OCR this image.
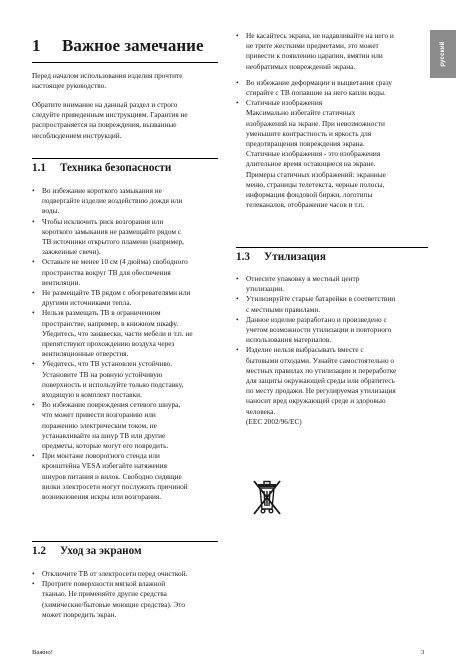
русский
1 Важное замечание

Перед началом использования изделия прочтите
настоящее руководство.

Обратите внимание на данный раздел и строго
следуйте приведенным инструкциям. Гарантия не
распространяется на повреждения, вызванные
несоблюдением инструкций.

1.1 Техника безопасности
• Во избежание короткого замыкания не
подвергайте изделие воздействию дождя или
воды.
• Чтобы исключить риск возгорания или
короткого замыкания не размещайте рядом с
ТВ источники открытого пламени (например,
зажженные свечи).
• Оставьте не менее 10 см (4 дюйма) свободного
пространства вокруг ТВ для обеспечения
вентиляции.
• Не размещайте ТВ рядом с обогревателями или
другими источниками тепла.
• Нельзя размещать ТВ в ограниченном
пространстве, например, в книжном шкафу.
Убедитесь, что занавески, части мебели и т.п. не
препятствуют прохождению воздуха через
вентиляционные отверстия.
• Убедитесь, что ТВ установлен устойчиво.
Установите ТВ на ровную устойчивую
поверхность и используйте только подставку,
входящую в комплект поставки.
• Во избежание повреждения сетевого шнура,
что может привести возгоранию или
поражению электрическим током, не
устанавливайте на шнур ТВ или другие
предметы, которые могут его повредить.
• При монтаже поворотного стенда или
кронштейна VESA избегайте натяжения
шнуров питания и вилок. Свободно сидящие
вилки электросети могут послужить причиной
возникновения искры или возгорания.
1.2 Уход за экраном
• Отключите ТВ от электросети перед очисткой.
• Протрите поверхности мягкой влажной
тканью. Не применяйте другие средства
(химические/бытовые моющие средства). Это
может повредить экран.
• Не касайтесь экрана, не надавливайте на него и
не трите жесткими предметами, это может
привести к появлению царапин, вмятин или
необратимых повреждений экрана.
• Во избежание деформации и выцветания сразу
стирайте с ТВ попавшие на него капли воды.
• Статичные изображения
Максимально избегайте статичных
изображений на экране. При невозможности
уменьшите контрастность и яркость для
предотвращения повреждения экрана.
Статичные изображения - это изображения
длительное время остающиеся на экране.
Примеры статичных изображений: экранные
меню, страницы телетекста, черные полосы,
информация фондовой биржи, логотипы
телеканалов, отображение часов и т.п.
1.3 Утилизация
• Отнесите упаковку в местный центр
утилизации.
• Утилизируйте старые батарейки в соответствии
с местными правилами.
• Данное изделие разработано и произведено с
учетом возможности утилизации и повторного
использования материалов.
• Изделие нельзя выбрасывать вместе с
бытовыми отходами. Узнайте самостоятельно о
местных правилах по утилизации и переработке
для защиты окружающей среды или обратитесь
по месту продажи. Не регулируемая утилизация
наносит вред окружающей среде и здоровью
человека.
(EEC 2002/96/EC)
Важно!	3
